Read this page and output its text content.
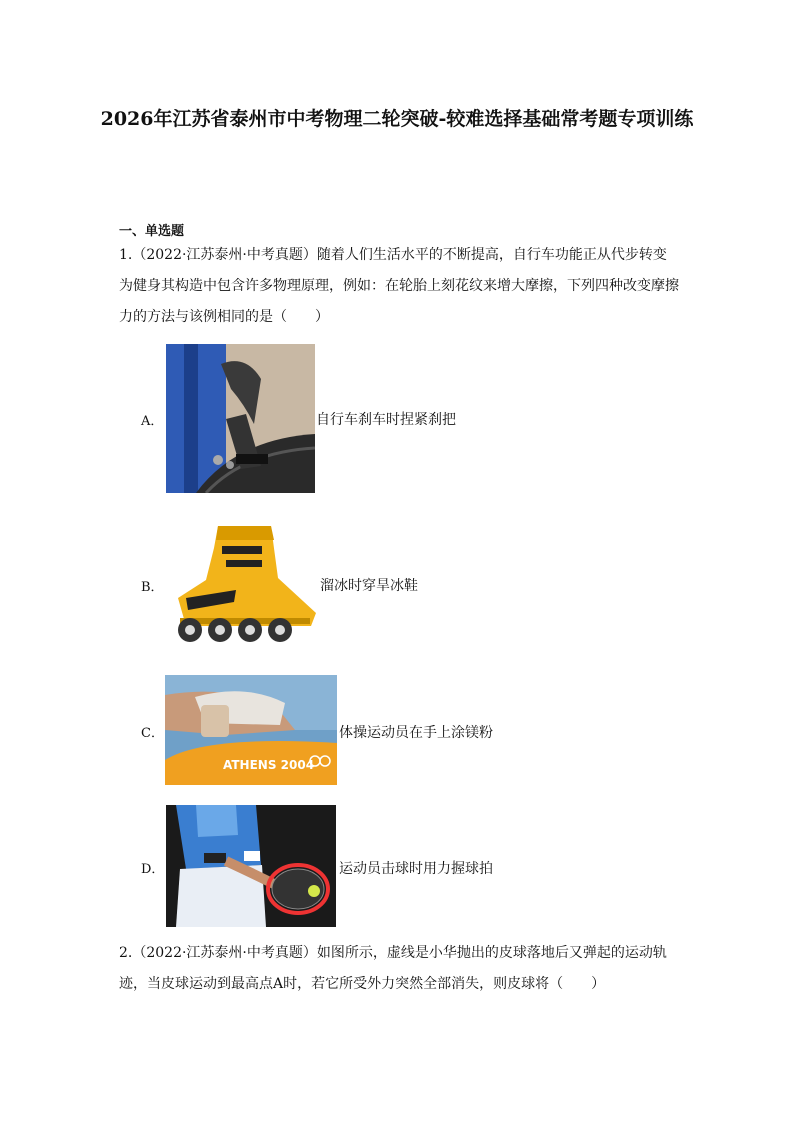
2026年江苏省泰州市中考物理二轮突破-较难选择基础常考题专项训练
一、单选题
1.（2022·江苏泰州·中考真题）随着人们生活水平的不断提高，自行车功能正从代步转变为健身其构造中包含许多物理原理，例如：在轮胎上刻花纹来增大摩擦，下列四种改变摩擦力的方法与该例相同的是（　　）
A．	自行车刹车时捏紧刹把
B．	溜冰时穿旱冰鞋
C．
ATHENS 2004
体操运动员在手上涂镁粉
D．	运动员击球时用力握球拍
2.（2022·江苏泰州·中考真题）如图所示，虚线是小华抛出的皮球落地后又弹起的运动轨迹，当皮球运动到最高点A时，若它所受外力突然全部消失，则皮球将（　　）
